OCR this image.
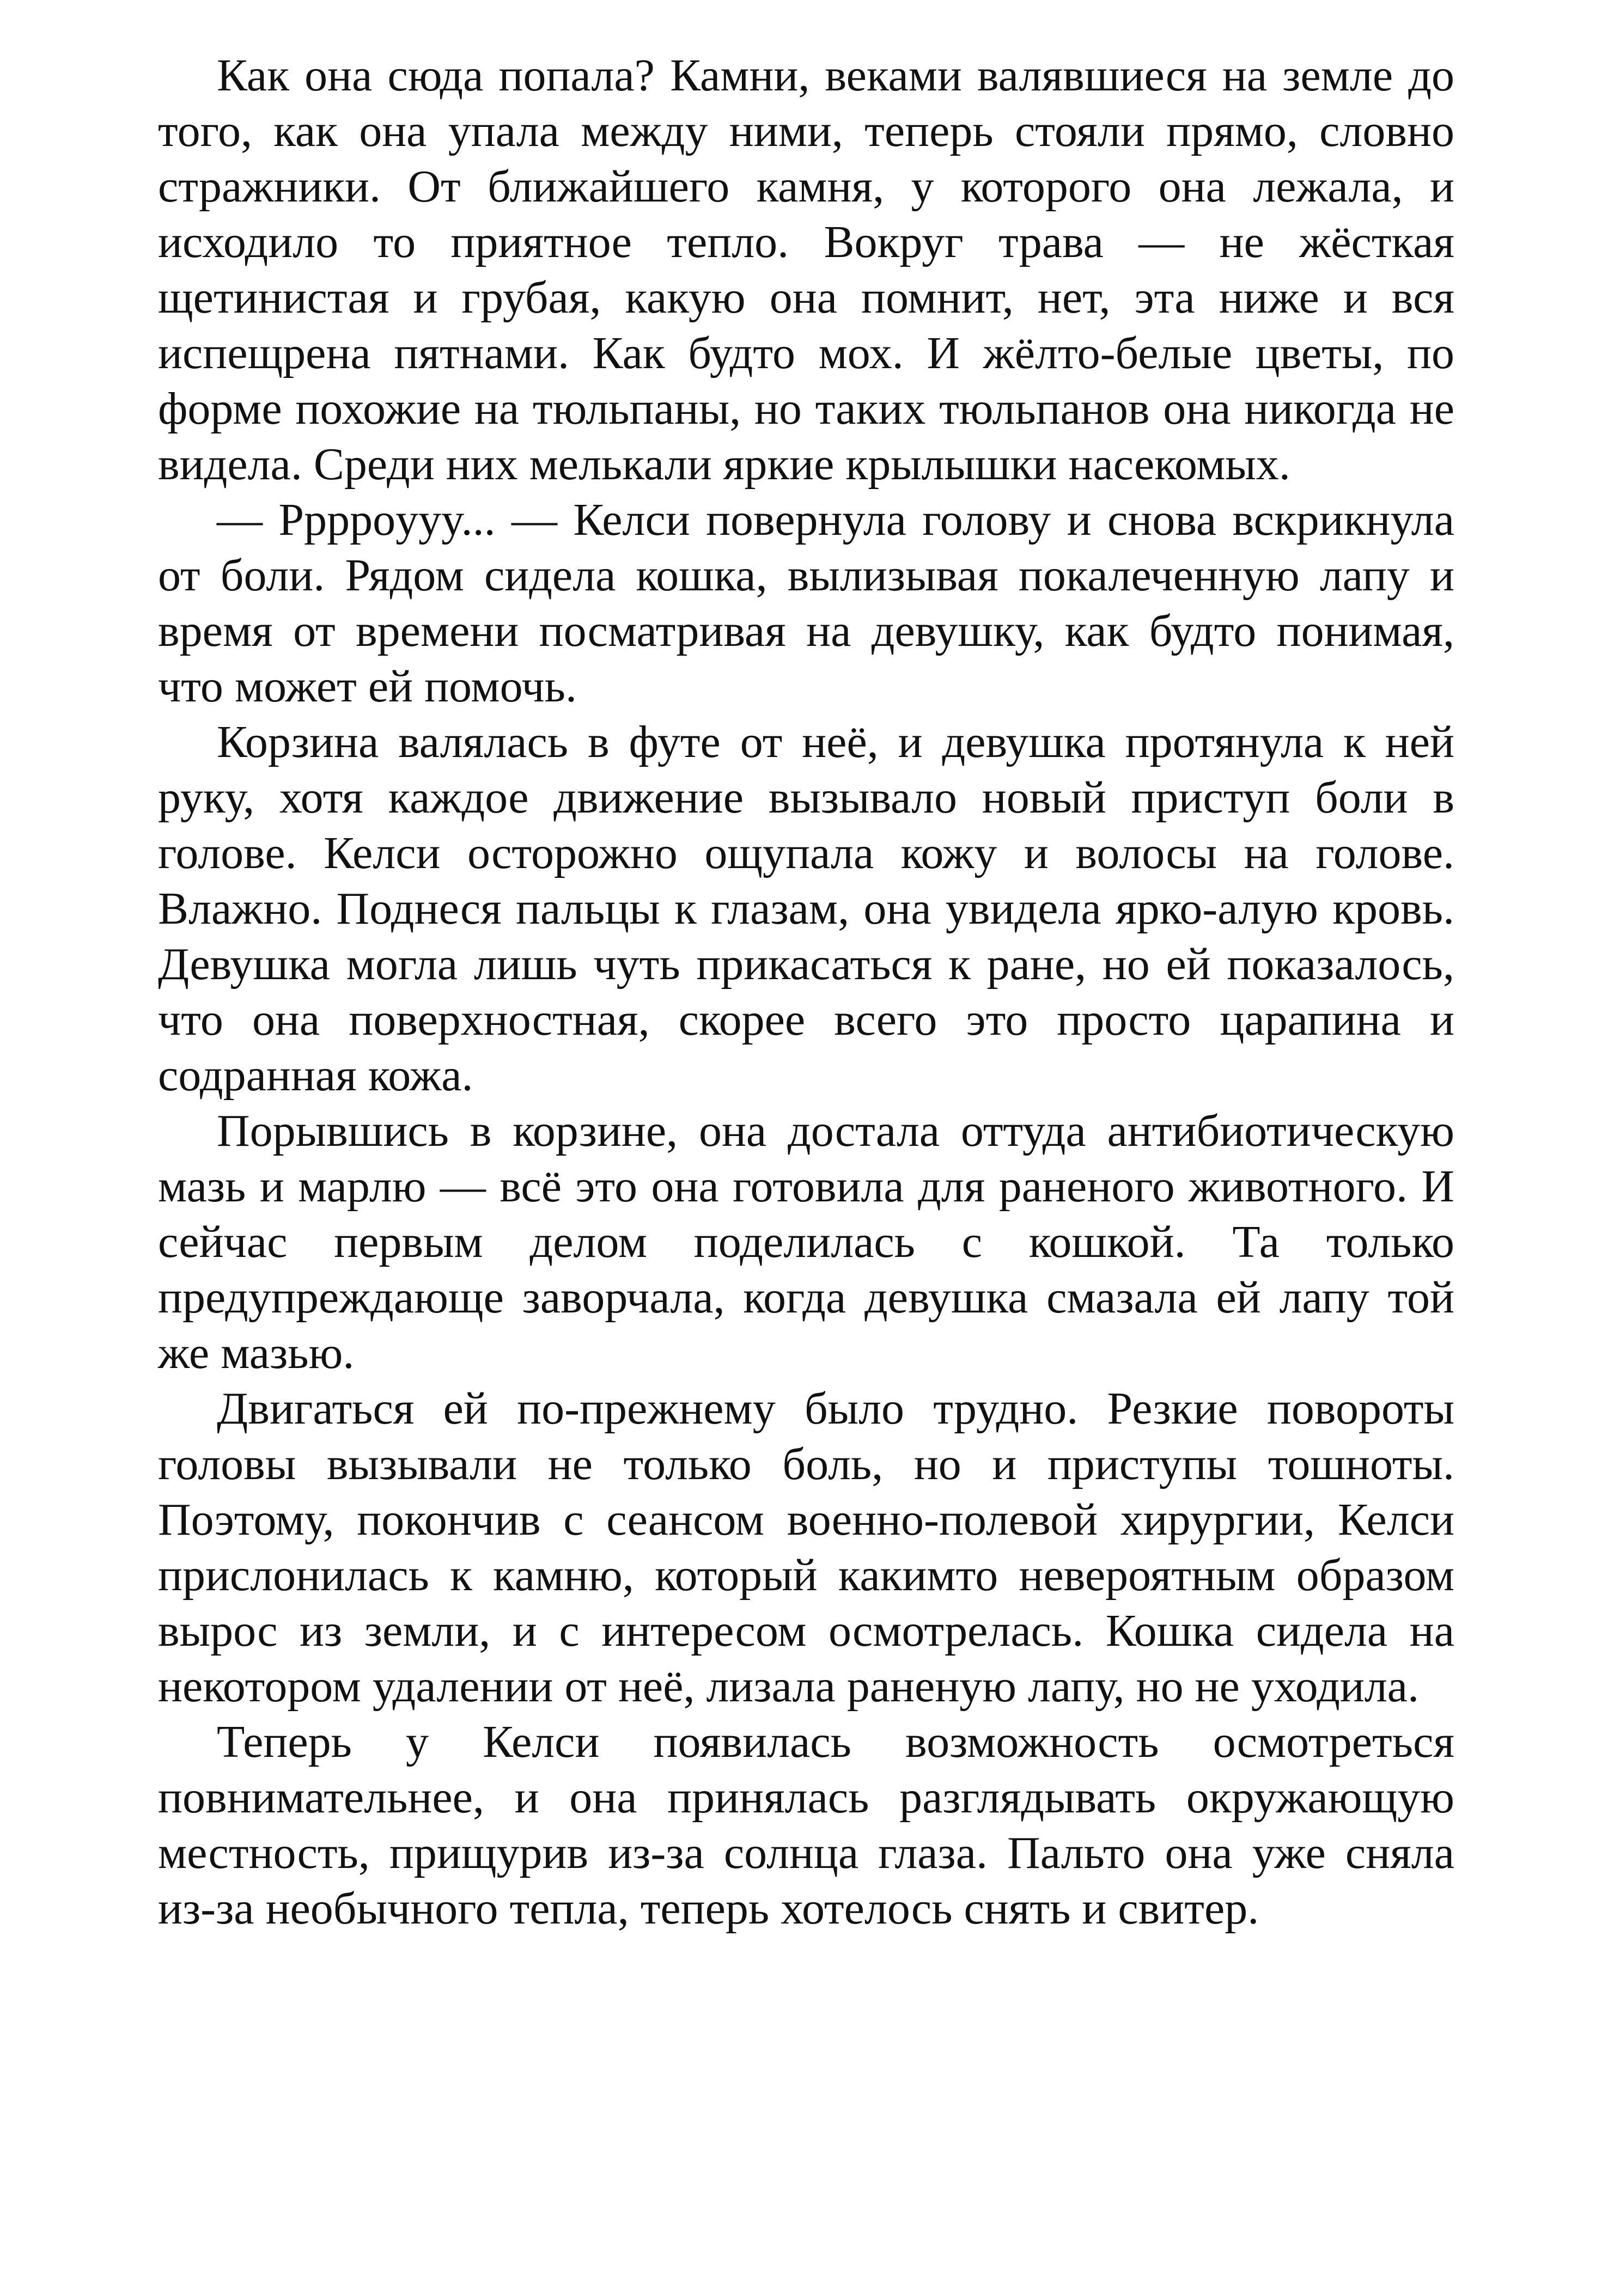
Как она сюда попала? Камни, веками валявшиеся на земле до того, как она упала между ними, теперь стояли прямо, словно стражники. От ближайшего камня, у которого она лежала, и исходило то приятное тепло. Вокруг трава — не жёсткая щетинистая и грубая, какую она помнит, нет, эта ниже и вся испещрена пятнами. Как будто мох. И жёлто-белые цветы, по форме похожие на тюльпаны, но таких тюльпанов она никогда не видела. Среди них мелькали яркие крылышки насекомых.

— Ррррoyyy... — Келси повернула голову и снова вскрикнула от боли. Рядом сидела кошка, вылизывая покалеченную лапу и время от времени посматривая на девушку, как будто понимая, что может ей помочь.

Корзина валялась в футе от неё, и девушка протянула к ней руку, хотя каждое движение вызывало новый приступ боли в голове. Келси осторожно ощупала кожу и волосы на голове. Влажно. Поднеся пальцы к глазам, она увидела ярко-алую кровь. Девушка могла лишь чуть прикасаться к ране, но ей показалось, что она поверхностная, скорее всего это просто царапина и содранная кожа.

Порывшись в корзине, она достала оттуда антибиотическую мазь и марлю — всё это она готовила для раненого животного. И сейчас первым делом поделилась с кошкой. Та только предупреждающе заворчала, когда девушка смазала ей лапу той же мазью.

Двигаться ей по-прежнему было трудно. Резкие повороты головы вызывали не только боль, но и приступы тошноты. Поэтому, покончив с сеансом военно-полевой хирургии, Келси прислонилась к камню, который какимто невероятным образом вырос из земли, и с интересом осмотрелась. Кошка сидела на некотором удалении от неё, лизала раненую лапу, но не уходила.

Теперь у Келси появилась возможность осмотреться повнимательнее, и она принялась разглядывать окружающую местность, прищурив из-за солнца глаза. Пальто она уже сняла из-за необычного тепла, теперь хотелось снять и свитер.
